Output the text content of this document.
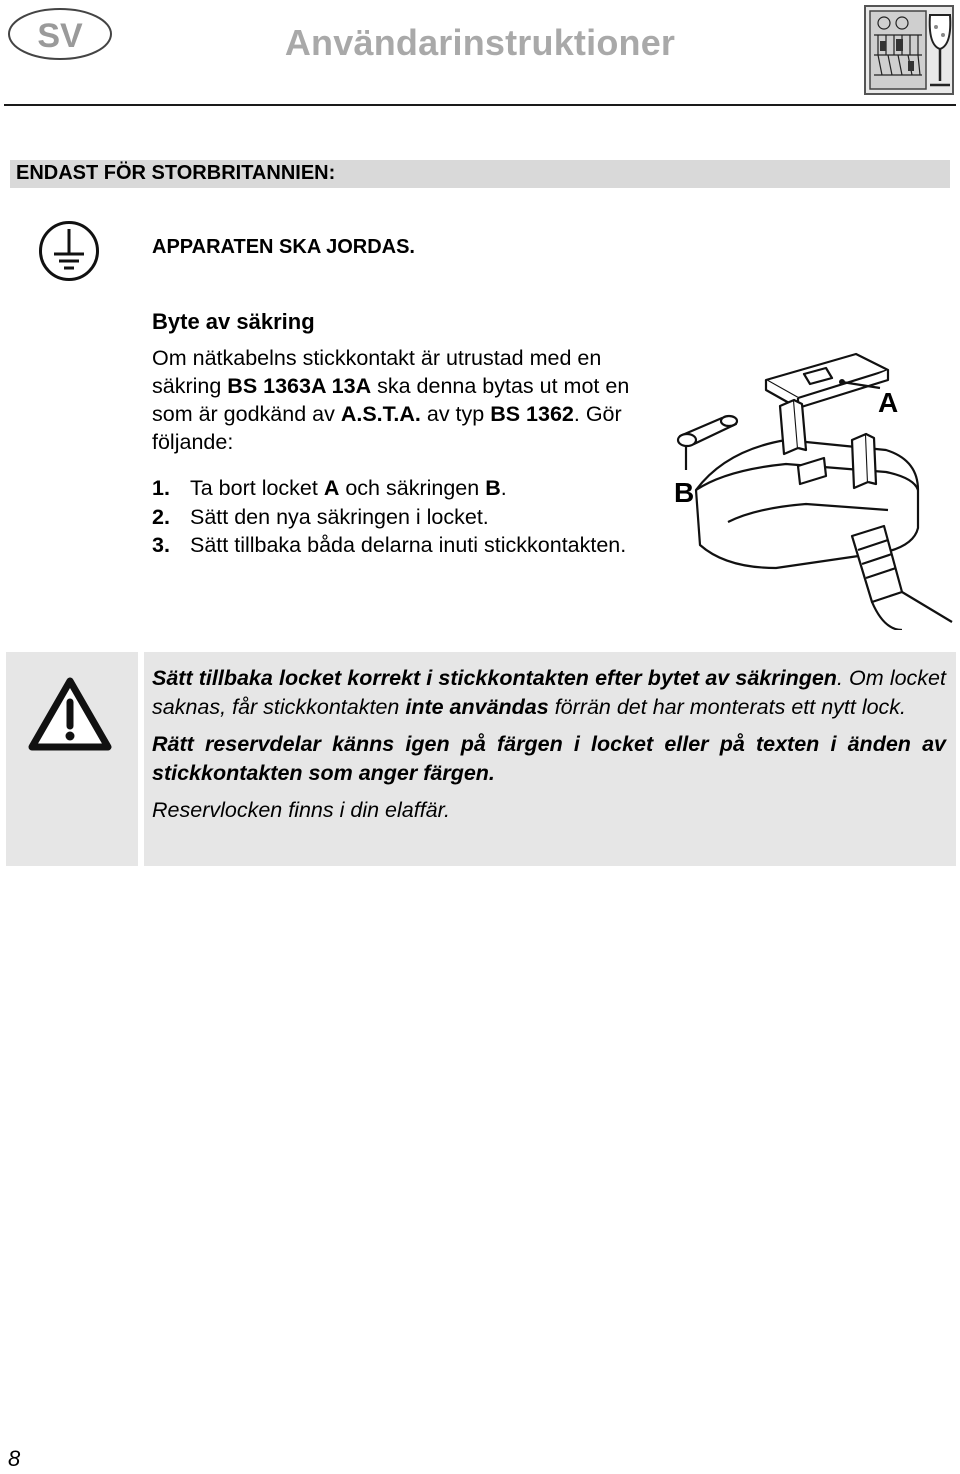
SV	Användarinstruktioner
ENDAST FÖR STORBRITANNIEN:
APPARATEN SKA JORDAS.
Byte av säkring
Om nätkabelns stickkontakt är utrustad med en säkring BS 1363A 13A ska denna bytas ut mot en som är godkänd av A.S.T.A. av typ BS 1362. Gör följande:
1. Ta bort locket A och säkringen B.
2. Sätt den nya säkringen i locket.
3. Sätt tillbaka båda delarna inuti stickkontakten.
A
B

Sätt tillbaka locket korrekt i stickkontakten efter bytet av säkringen. Om locket saknas, får stickkontakten inte användas förrän det har monterats ett nytt lock.

Rätt reservdelar känns igen på färgen i locket eller på texten i änden av stickkontakten som anger färgen.

Reservlocken finns i din elaffär.

8
